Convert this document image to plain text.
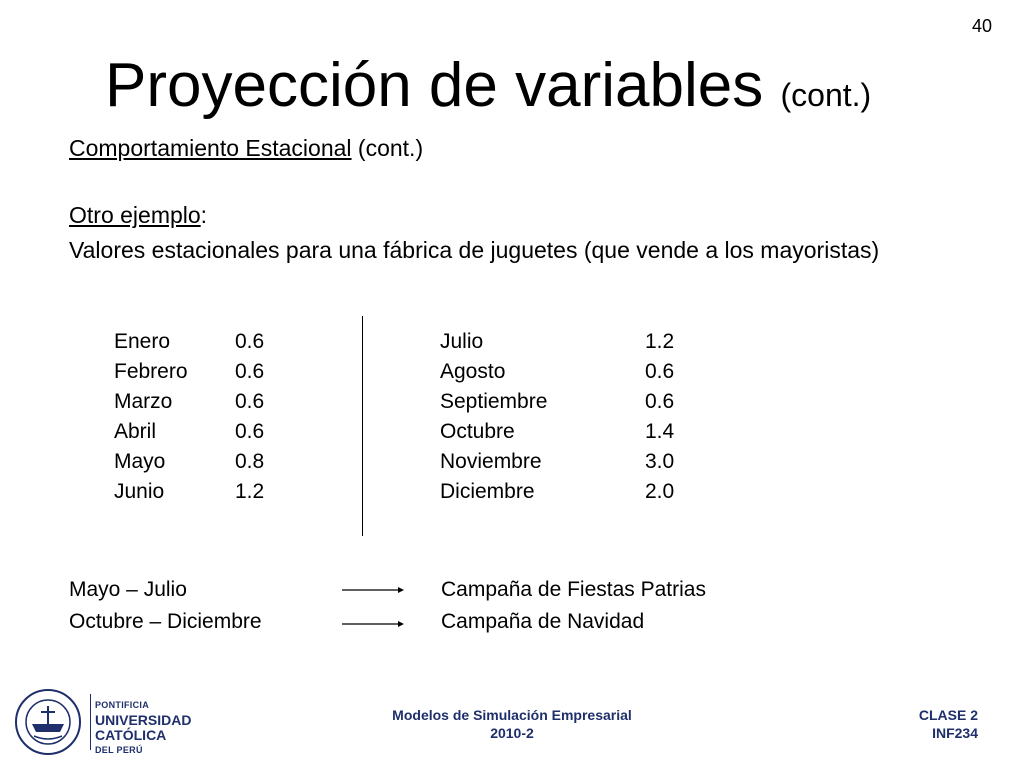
40
Proyección de variables (cont.)
Comportamiento Estacional (cont.)
Otro ejemplo:
Valores estacionales para una fábrica de juguetes (que vende a los mayoristas)
Enero	0.6	Julio	1.2
Febrero 0.6	Agosto	0.6
Marzo	0.6	Septiembre	0.6
Abril	0.6	Octubre	1.4
Mayo	0.8	Noviembre	3.0
Junio	1.2	Diciembre	2.0
Mayo – Julio	Campaña de Fiestas Patrias
Octubre – Diciembre	Campaña de Navidad
PONTIFICIA
UNIVERSIDAD
CATÓLICA
DEL PERÚ
Modelos de Simulación Empresarial
2010-2
CLASE 2
INF234
